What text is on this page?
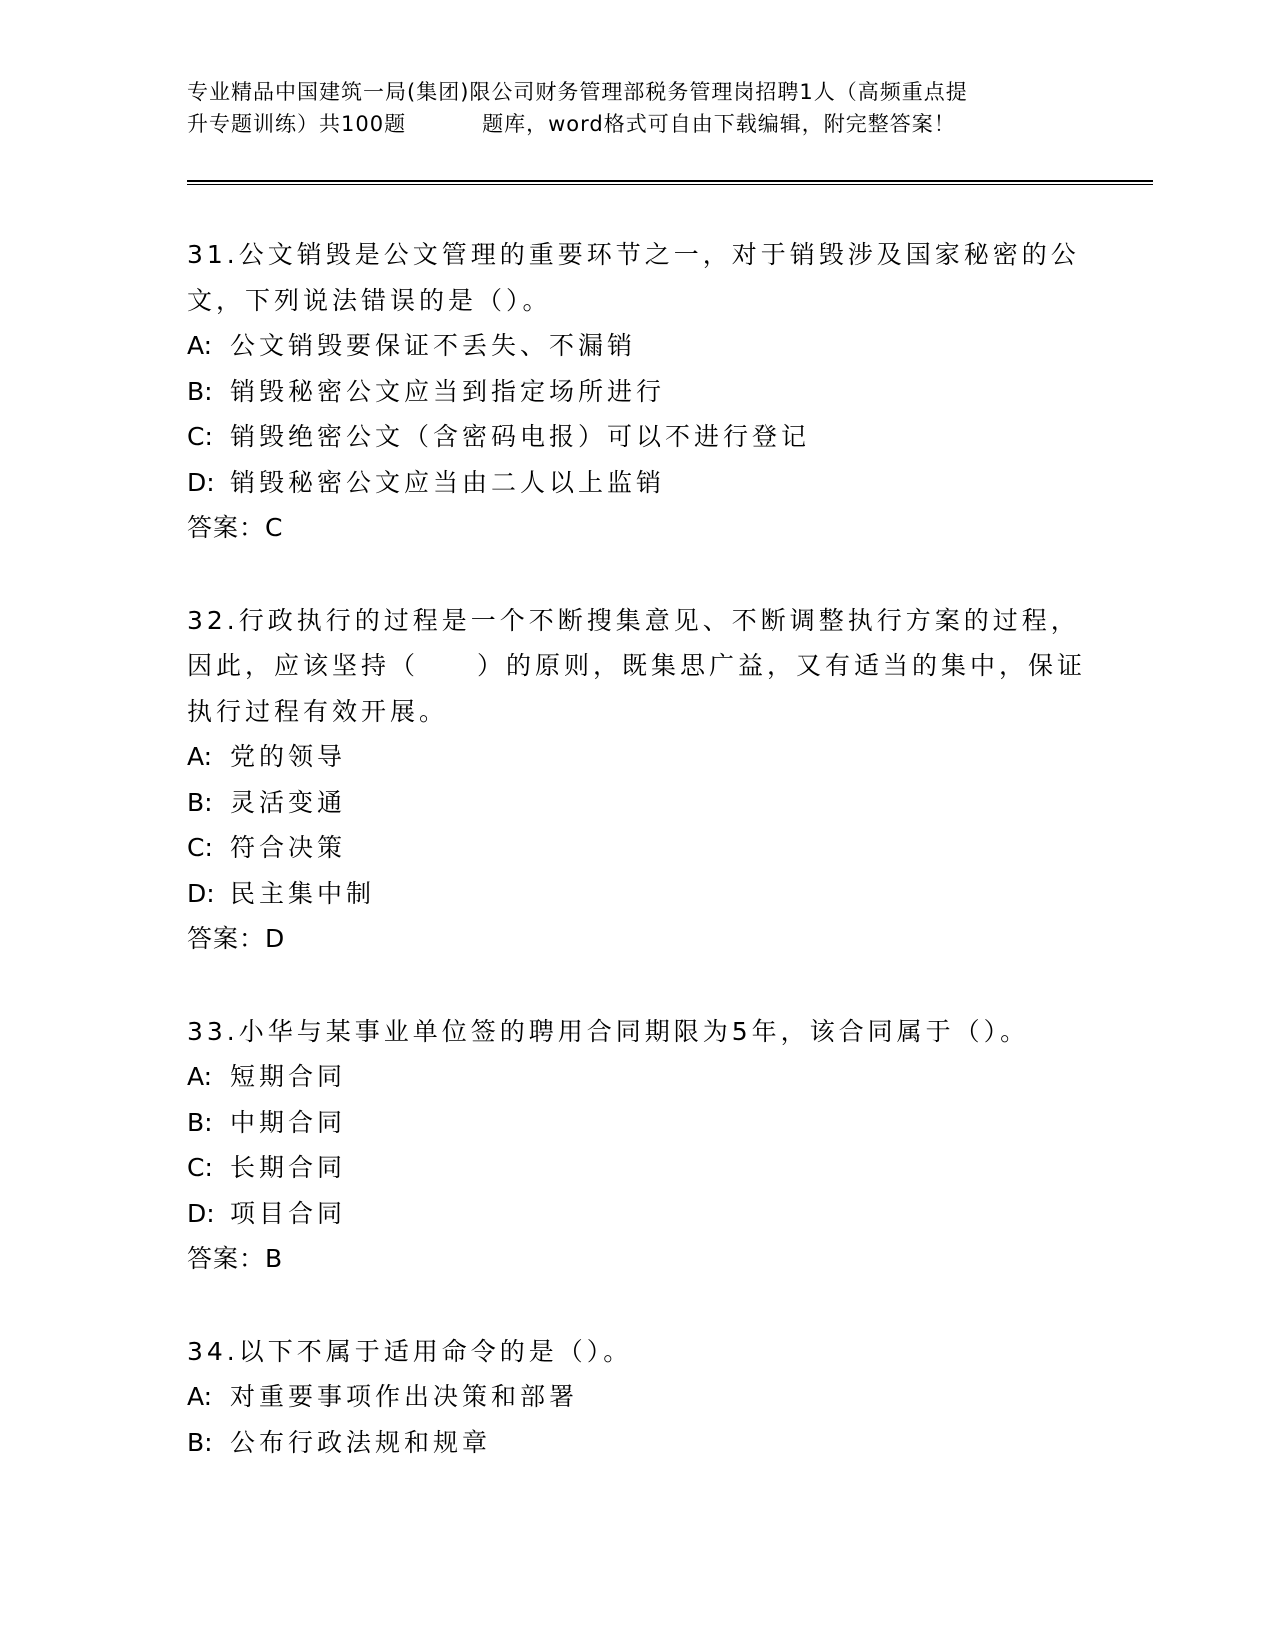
专业精品中国建筑一局(集团)限公司财务管理部税务管理岗招聘1人（高频重点提
升专题训练）共100题	题库，word格式可自由下载编辑，附完整答案！
31.公文销毁是公文管理的重要环节之一，对于销毁涉及国家秘密的公文，下列说法错误的是（）。
A: 公文销毁要保证不丢失、不漏销
B: 销毁秘密公文应当到指定场所进行
C: 销毁绝密公文（含密码电报）可以不进行登记
D: 销毁秘密公文应当由二人以上监销
答案：C
32.行政执行的过程是一个不断搜集意见、不断调整执行方案的过程，因此，应该坚持（　　）的原则，既集思广益，又有适当的集中，保证执行过程有效开展。
A: 党的领导
B: 灵活变通
C: 符合决策
D: 民主集中制
答案：D
33.小华与某事业单位签的聘用合同期限为5年，该合同属于（）。
A: 短期合同
B: 中期合同
C: 长期合同
D: 项目合同
答案：B
34.以下不属于适用命令的是（）。
A: 对重要事项作出决策和部署
B: 公布行政法规和规章
